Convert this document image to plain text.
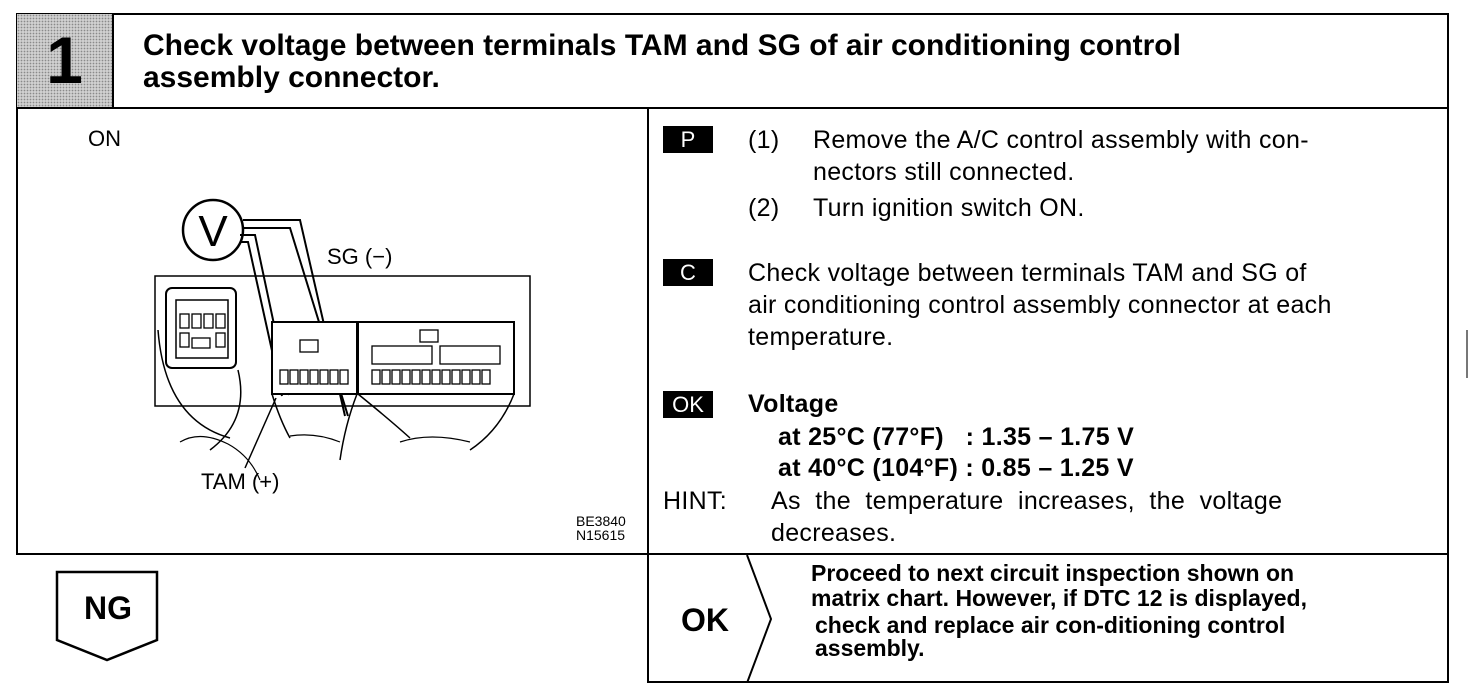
1	Check voltage between terminals TAM and SG of air conditioning control
assembly connector.
ON
V
SG (−)
TAM (+)
BE3840
N15615
P	(1) Remove the A/C control assembly with con-
nectors still connected.
(2) Turn ignition switch ON.
C	Check voltage between terminals TAM and SG of
air conditioning control assembly connector at each
temperature.
OK	Voltage
at 25°C (77°F)   : 1.35 – 1.75 V
at 40°C (104°F) : 0.85 – 1.25 V
HINT: As  the  temperature  increases,  the  voltage
decreases.
NG	OK
Proceed to next circuit inspection shown on
matrix chart. However, if DTC 12 is displayed,
check and replace air con-ditioning control
assembly.
